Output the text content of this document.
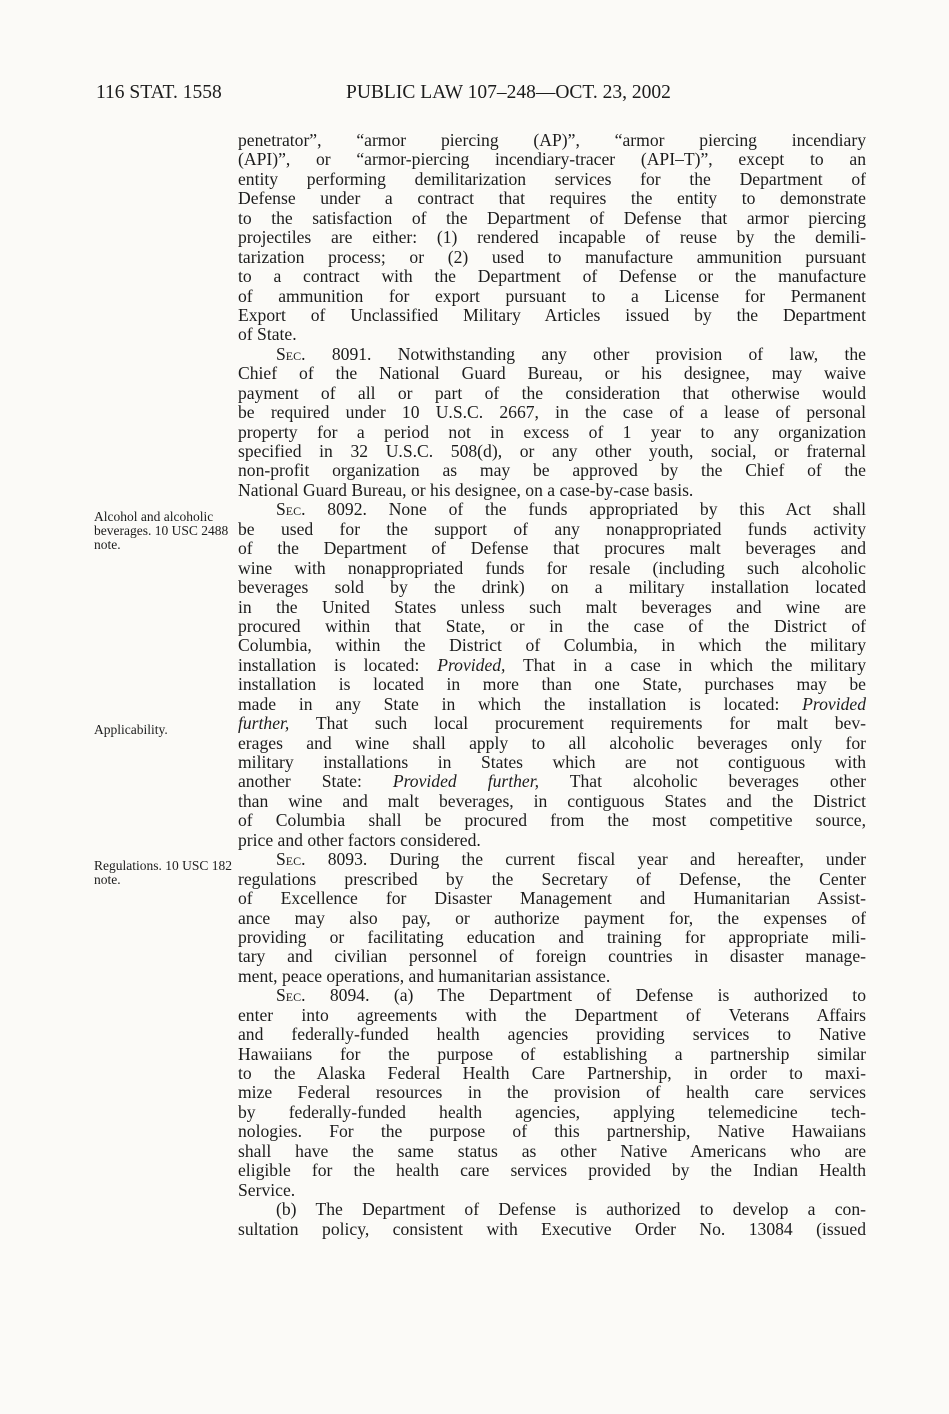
116 STAT. 1558	PUBLIC LAW 107–248—OCT. 23, 2002
Alcohol and alcoholic beverages. 10 USC 2488 note.
Applicability.
Regulations. 10 USC 182 note.
penetrator”, “armor piercing (AP)”, “armor piercing incendiary
(API)”, or “armor-piercing incendiary-tracer (API–T)”, except to an
entity performing demilitarization services for the Department of
Defense under a contract that requires the entity to demonstrate
to the satisfaction of the Department of Defense that armor piercing
projectiles are either: (1) rendered incapable of reuse by the demili-
tarization process; or (2) used to manufacture ammunition pursuant
to a contract with the Department of Defense or the manufacture
of ammunition for export pursuant to a License for Permanent
Export of Unclassified Military Articles issued by the Department
of State.
Sec. 8091. Notwithstanding any other provision of law, the
Chief of the National Guard Bureau, or his designee, may waive
payment of all or part of the consideration that otherwise would
be required under 10 U.S.C. 2667, in the case of a lease of personal
property for a period not in excess of 1 year to any organization
specified in 32 U.S.C. 508(d), or any other youth, social, or fraternal
non-profit organization as may be approved by the Chief of the
National Guard Bureau, or his designee, on a case-by-case basis.
Sec. 8092. None of the funds appropriated by this Act shall
be used for the support of any nonappropriated funds activity
of the Department of Defense that procures malt beverages and
wine with nonappropriated funds for resale (including such alcoholic
beverages sold by the drink) on a military installation located
in the United States unless such malt beverages and wine are
procured within that State, or in the case of the District of
Columbia, within the District of Columbia, in which the military
installation is located: Provided, That in a case in which the military
installation is located in more than one State, purchases may be
made in any State in which the installation is located: Provided
further, That such local procurement requirements for malt bev-
erages and wine shall apply to all alcoholic beverages only for
military installations in States which are not contiguous with
another State: Provided further, That alcoholic beverages other
than wine and malt beverages, in contiguous States and the District
of Columbia shall be procured from the most competitive source,
price and other factors considered.
Sec. 8093. During the current fiscal year and hereafter, under
regulations prescribed by the Secretary of Defense, the Center
of Excellence for Disaster Management and Humanitarian Assist-
ance may also pay, or authorize payment for, the expenses of
providing or facilitating education and training for appropriate mili-
tary and civilian personnel of foreign countries in disaster manage-
ment, peace operations, and humanitarian assistance.
Sec. 8094. (a) The Department of Defense is authorized to
enter into agreements with the Department of Veterans Affairs
and federally-funded health agencies providing services to Native
Hawaiians for the purpose of establishing a partnership similar
to the Alaska Federal Health Care Partnership, in order to maxi-
mize Federal resources in the provision of health care services
by federally-funded health agencies, applying telemedicine tech-
nologies. For the purpose of this partnership, Native Hawaiians
shall have the same status as other Native Americans who are
eligible for the health care services provided by the Indian Health
Service.
(b) The Department of Defense is authorized to develop a con-
sultation policy, consistent with Executive Order No. 13084 (issued
